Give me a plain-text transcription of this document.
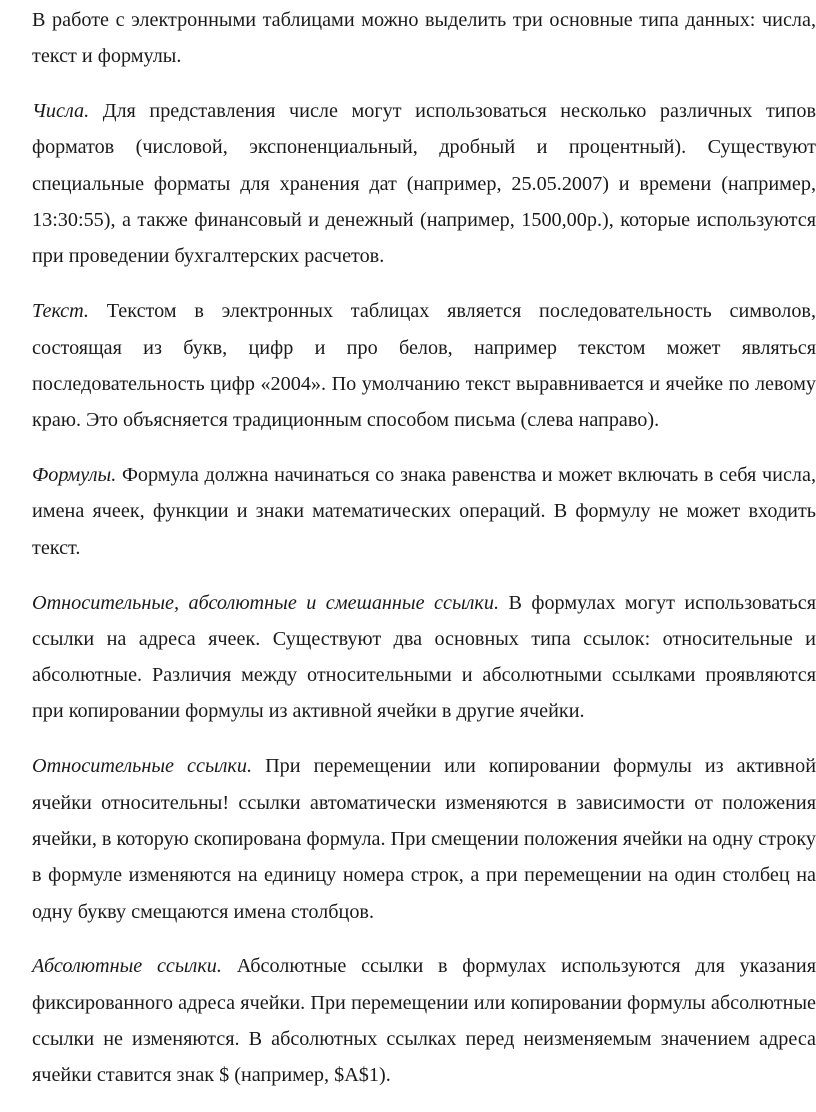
В работе с электронными таблицами можно выделить три основные типа данных: числа, текст и формулы.

Числа. Для представления числе могут использоваться несколько различных типов форматов (числовой, экспоненциальный, дробный и процентный). Существуют специальные форматы для хранения дат (например, 25.05.2007) и времени (например, 13:30:55), а также финансовый и денежный (например, 1500,00р.), которые используются при проведении бухгалтерских расчетов.

Текст. Текстом в электронных таблицах является последовательность символов, состоящая из букв, цифр и про белов, например текстом может являться последовательность цифр «2004». По умолчанию текст выравнивается и ячейке по левому краю. Это объясняется традиционным способом письма (слева направо).

Формулы. Формула должна начинаться со знака равенства и может включать в себя числа, имена ячеек, функции и знаки математических операций. В формулу не может входить текст.

Относительные, абсолютные и смешанные ссылки. В формулах могут использоваться ссылки на адреса ячеек. Существуют два основных типа ссылок: относительные и абсолютные. Различия между относительными и абсолютными ссылками проявляются при копировании формулы из активной ячейки в другие ячейки.

Относительные ссылки. При перемещении или копировании формулы из активной ячейки относительны! ссылки автоматически изменяются в зависимости от положения ячейки, в которую скопирована формула. При смещении положения ячейки на одну строку в формуле изменяются на единицу номера строк, а при перемещении на один столбец на одну букву смещаются имена столбцов.

Абсолютные ссылки. Абсолютные ссылки в формулах используются для указания фиксированного адреса ячейки. При перемещении или копировании формулы абсолютные ссылки не изменяются. В абсолютных ссылках перед неизменяемым значением адреса ячейки ставится знак $ (например, $A$1).
